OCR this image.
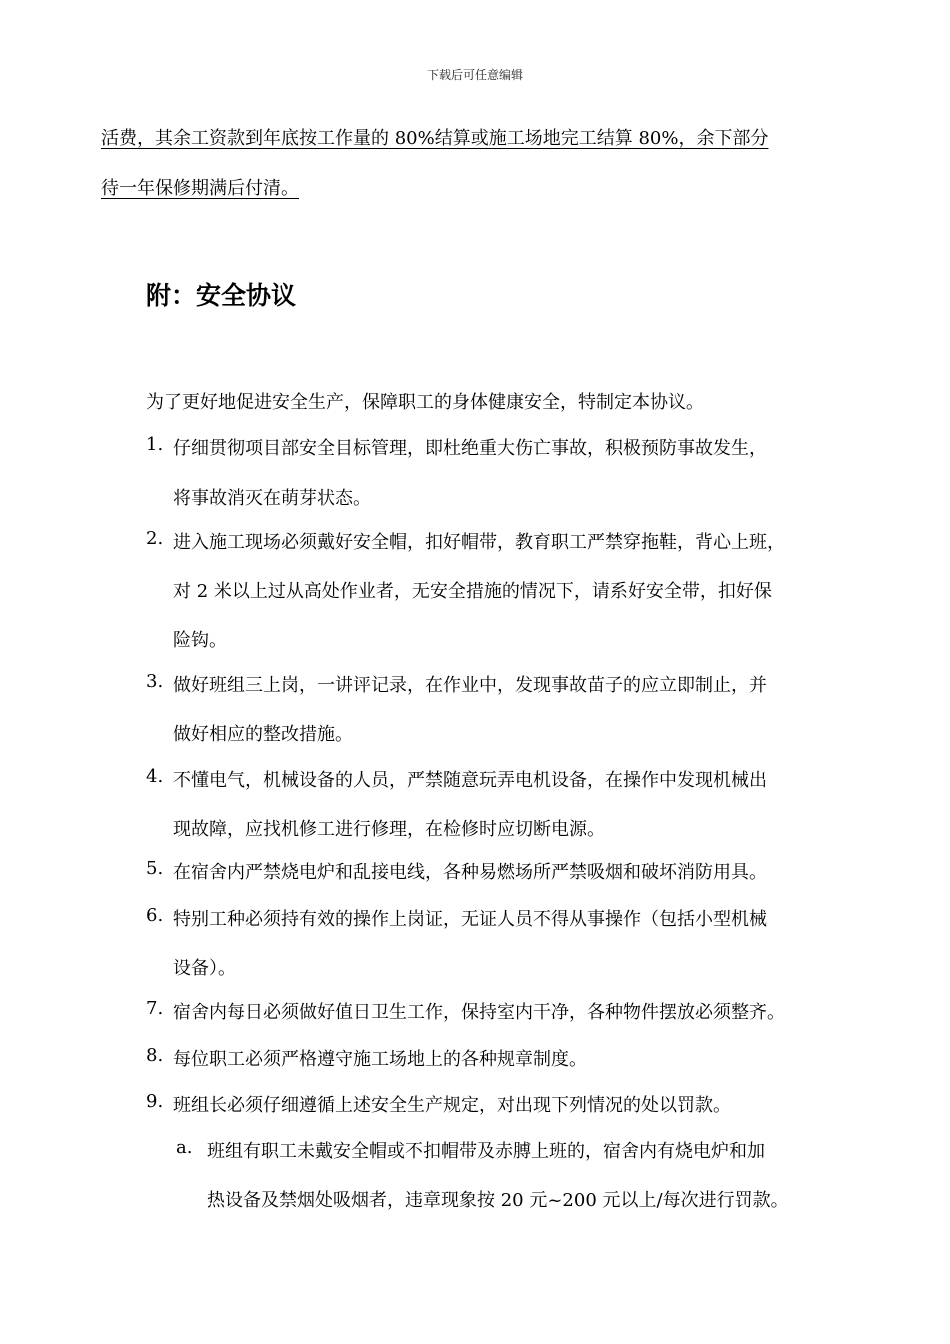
下载后可任意编辑
活费，其余工资款到年底按工作量的 80%结算或施工场地完工结算 80%，余下部分
待一年保修期满后付清。
附：安全协议
为了更好地促进安全生产，保障职工的身体健康安全，特制定本协议。
1. 仔细贯彻项目部安全目标管理，即杜绝重大伤亡事故，积极预防事故发生，
将事故消灭在萌芽状态。
2. 进入施工现场必须戴好安全帽，扣好帽带，教育职工严禁穿拖鞋，背心上班，
对 2 米以上过从高处作业者，无安全措施的情况下，请系好安全带，扣好保
险钩。
3. 做好班组三上岗，一讲评记录，在作业中，发现事故苗子的应立即制止，并
做好相应的整改措施。
4. 不懂电气，机械设备的人员，严禁随意玩弄电机设备，在操作中发现机械出
现故障，应找机修工进行修理，在检修时应切断电源。
5. 在宿舍内严禁烧电炉和乱接电线，各种易燃场所严禁吸烟和破坏消防用具。
6. 特别工种必须持有效的操作上岗证，无证人员不得从事操作（包括小型机械
设备）。
7. 宿舍内每日必须做好值日卫生工作，保持室内干净，各种物件摆放必须整齐。
8. 每位职工必须严格遵守施工场地上的各种规章制度。
9. 班组长必须仔细遵循上述安全生产规定，对出现下列情况的处以罚款。
a. 班组有职工未戴安全帽或不扣帽带及赤膊上班的，宿舍内有烧电炉和加
热设备及禁烟处吸烟者，违章现象按 20 元~200 元以上/每次进行罚款。
